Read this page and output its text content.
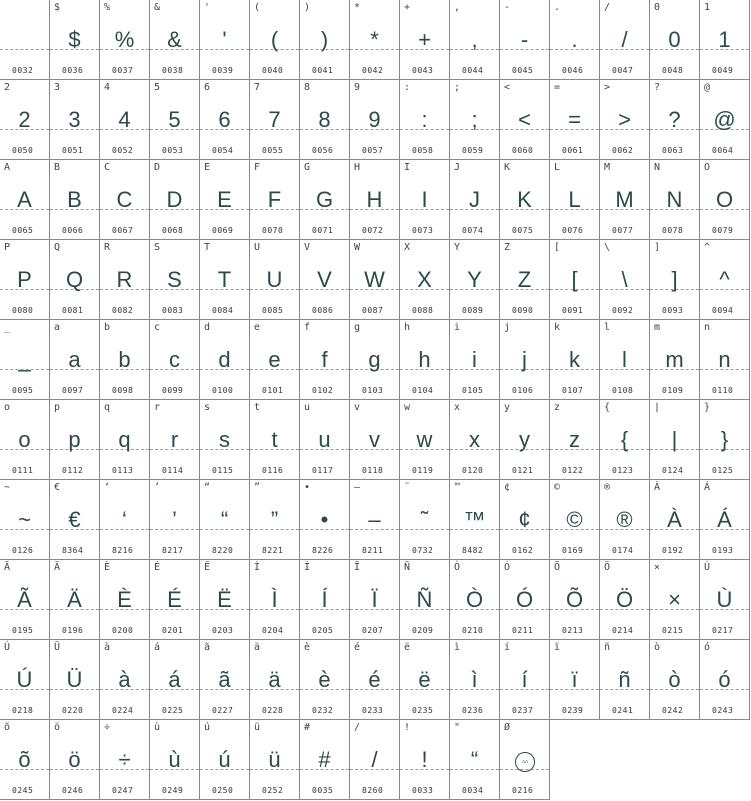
0032
$
$
0036
%
%
0037
&
&
0038
'
'
0039
(
(
0040
)
)
0041
*
*
0042
+
+
0043
,
,
0044
-
-
0045
.
.
0046
/
/
0047
0
0
0048
1
1
0049
2
2
0050
3
3
0051
4
4
0052
5
5
0053
6
6
0054
7
7
0055
8
8
0056
9
9
0057
:
:
0058
;
;
0059
<
<
0060
=
=
0061
>
>
0062
?
?
0063
@
@
0064
A
A
0065
B
B
0066
C
C
0067
D
D
0068
E
E
0069
F
F
0070
G
G
0071
H
H
0072
I
I
0073
J
J
0074
K
K
0075
L
L
0076
M
M
0077
N
N
0078
O
O
0079
P
P
0080
Q
Q
0081
R
R
0082
S
S
0083
T
T
0084
U
U
0085
V
V
0086
W
W
0087
X
X
0088
Y
Y
0089
Z
Z
0090
[
[
0091
\
\
0092
]
]
0093
^
^
0094
_
_
0095
a
a
0097
b
b
0098
c
c
0099
d
d
0100
e
e
0101
f
f
0102
g
g
0103
h
h
0104
i
i
0105
j
j
0106
k
k
0107
l
l
0108
m
m
0109
n
n
0110
o
o
0111
p
p
0112
q
q
0113
r
r
0114
s
s
0115
t
t
0116
u
u
0117
v
v
0118
w
w
0119
x
x
0120
y
y
0121
z
z
0122
{
{
0123
|
|
0124
}
}
0125
~
~
0126
€
€
8364
‘
‘
8216
’
’
8217
“
“
8220
”
”
8221
•
•
8226
–
–
8211
˜
˜
0732
™
™
8482
¢
¢
0162
©
©
0169
®
®
0174
À
À
0192
Á
Á
0193
Ã
Ã
0195
Ä
Ä
0196
È
È
0200
É
É
0201
Ë
Ë
0203
Ì
Ì
0204
Í
Í
0205
Ï
Ï
0207
Ñ
Ñ
0209
Ò
Ò
0210
Ó
Ó
0211
Õ
Õ
0213
Ö
Ö
0214
×
×
0215
Ù
Ù
0217
Ú
Ú
0218
Ü
Ü
0220
à
à
0224
á
á
0225
ã
ã
0227
ä
ä
0228
è
è
0232
é
é
0233
ë
ë
0235
ì
ì
0236
í
í
0237
ï
ï
0239
ñ
ñ
0241
ò
ò
0242
ó
ó
0243
õ
õ
0245
ö
ö
0246
÷
÷
0247
ù
ù
0249
ú
ú
0250
ü
ü
0252
#
#
0035
/
/
8260
!
!
0033
"
“
0034
Ø
0216
⌂⌂
